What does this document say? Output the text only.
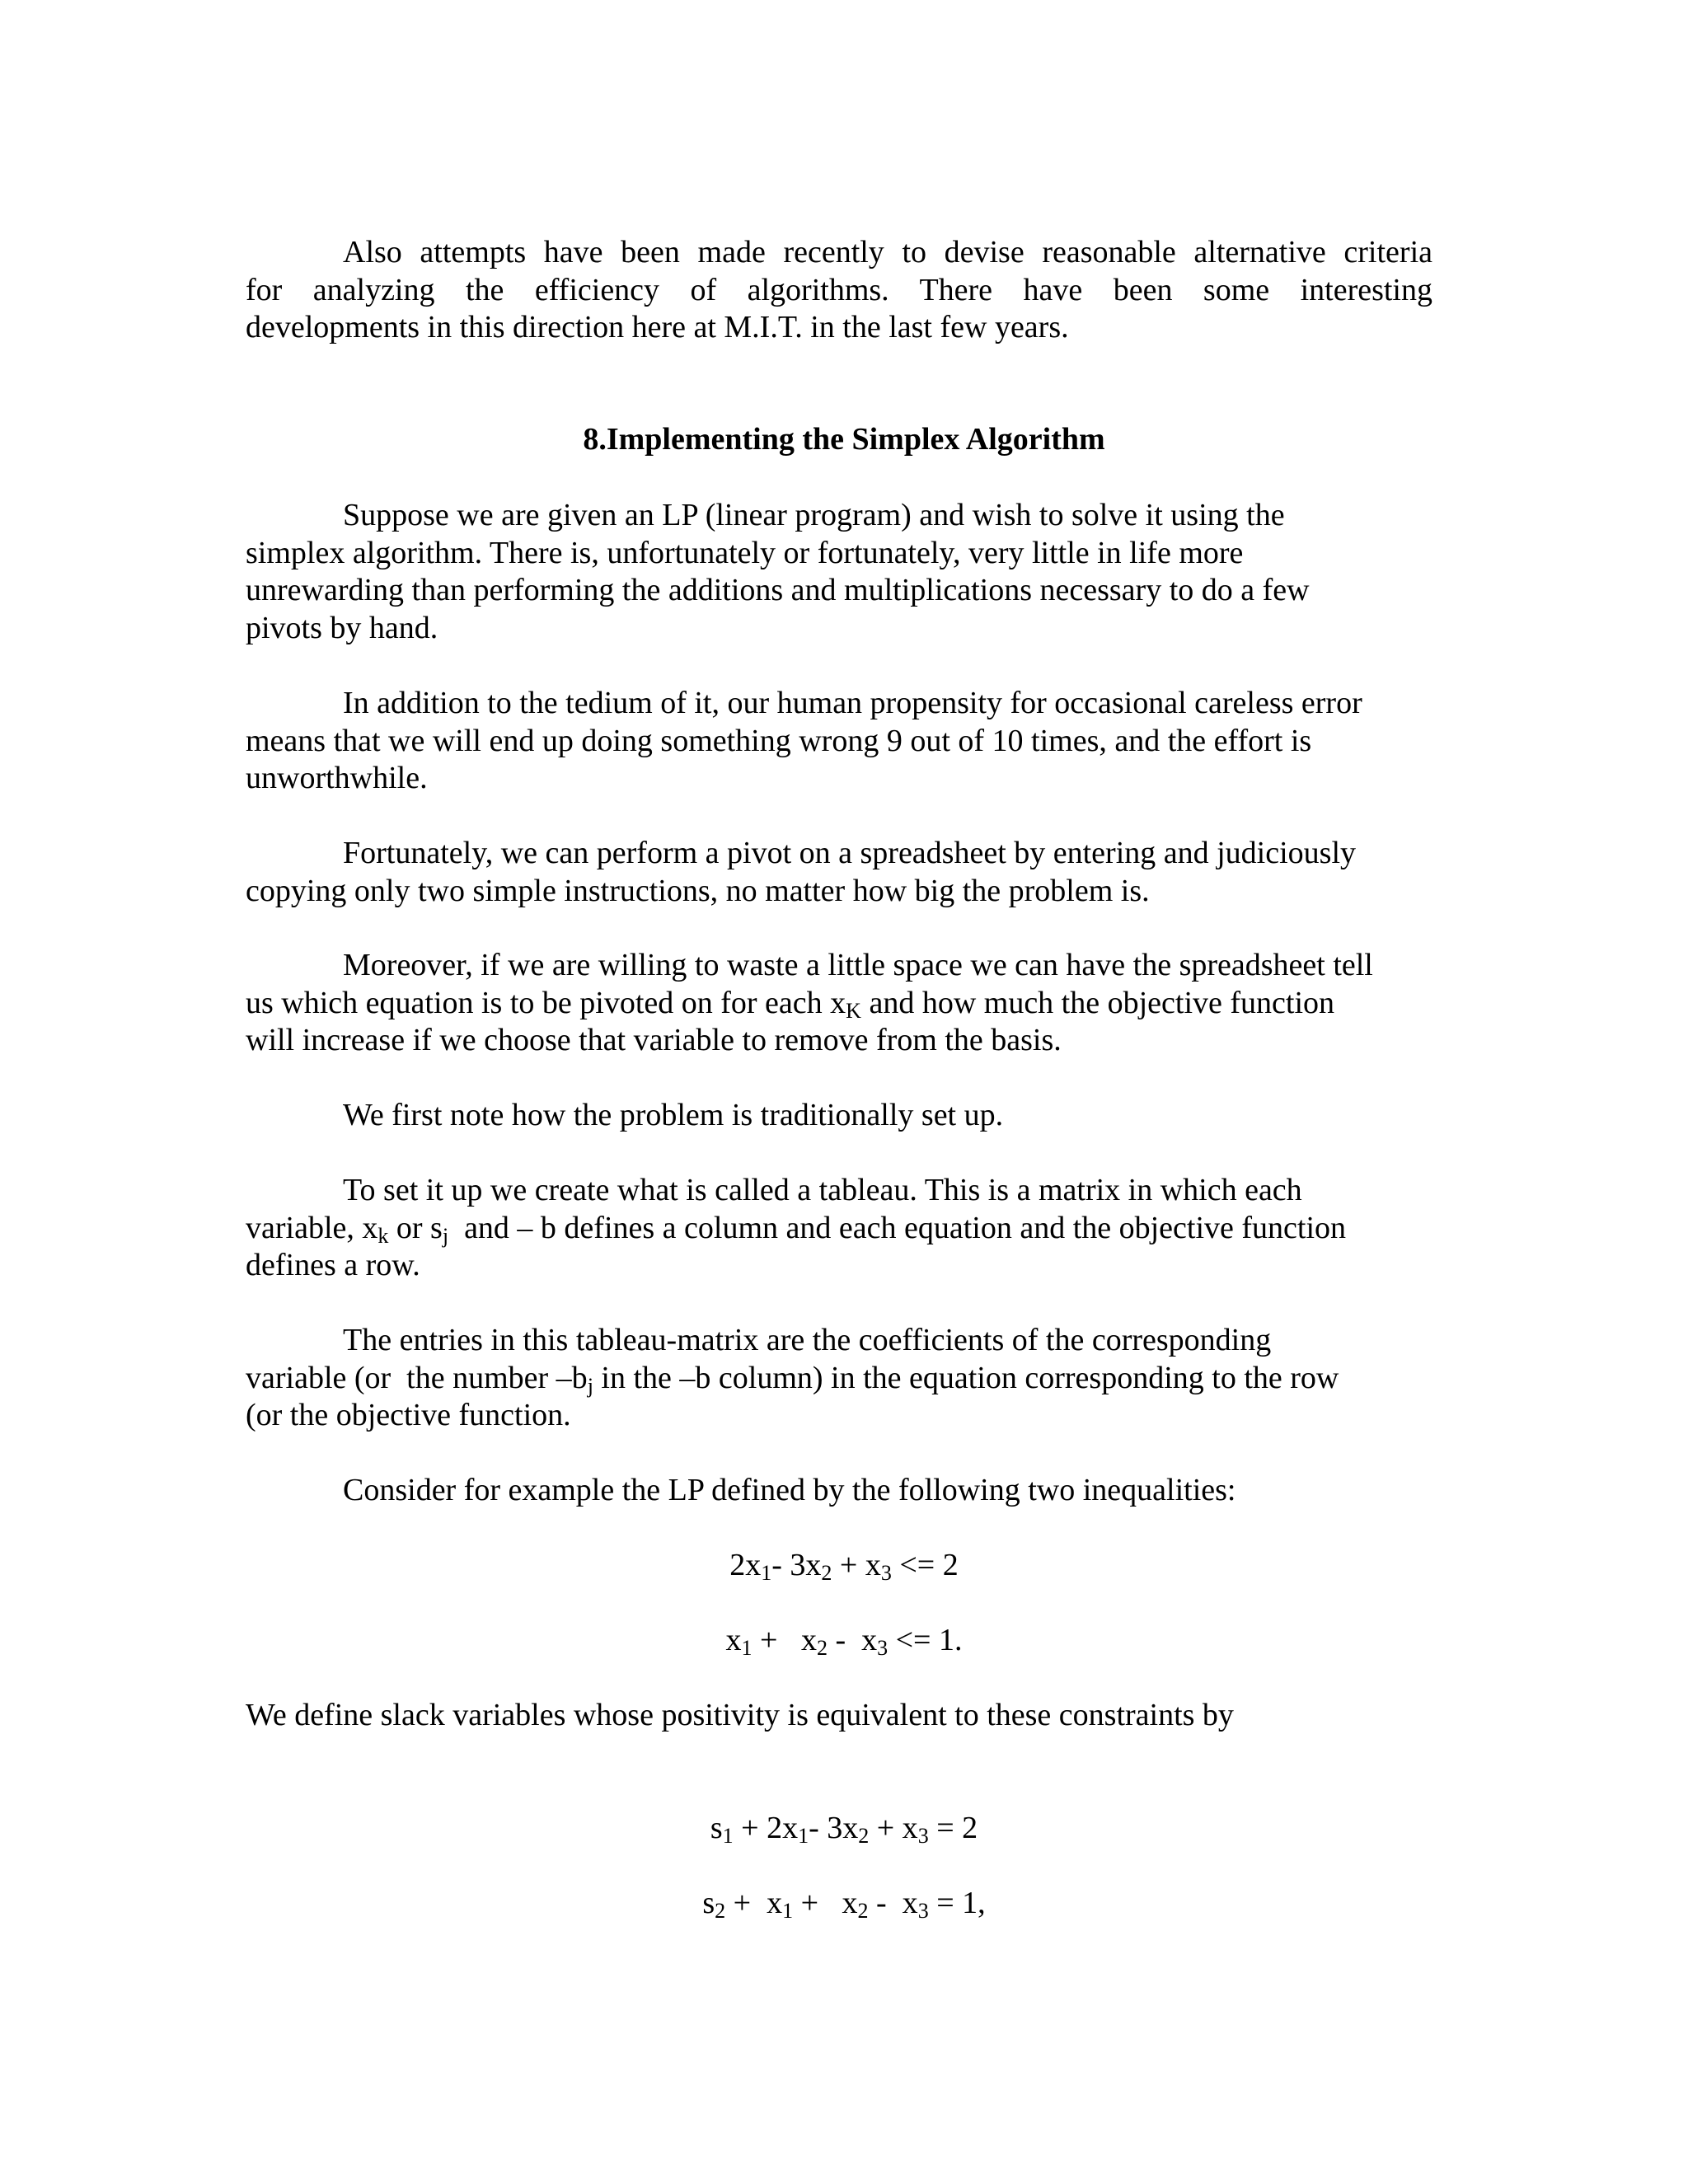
Also attempts have been made recently to devise reasonable alternative criteria
for analyzing the efficiency of algorithms. There have been some interesting
developments in this direction here at M.I.T. in the last few years.
8.Implementing the Simplex Algorithm
Suppose we are given an LP (linear program) and wish to solve it using the
simplex algorithm. There is, unfortunately or fortunately, very little in life more
unrewarding than performing the additions and multiplications necessary to do a few
pivots by hand.
In addition to the tedium of it, our human propensity for occasional careless error
means that we will end up doing something wrong 9 out of 10 times, and the effort is
unworthwhile.
Fortunately, we can perform a pivot on a spreadsheet by entering and judiciously
copying only two simple instructions, no matter how big the problem is.
Moreover, if we are willing to waste a little space we can have the spreadsheet tell
us which equation is to be pivoted on for each $x_K$ and how much the objective function
will increase if we choose that variable to remove from the basis.
We first note how the problem is traditionally set up.
To set it up we create what is called a tableau. This is a matrix in which each
variable, $x_k$ or $s_j$  and – b defines a column and each equation and the objective function
defines a row.
The entries in this tableau-matrix are the coefficients of the corresponding
variable (or  the number $-b_j$ in the –b column) in the equation corresponding to the row
(or the objective function.
Consider for example the LP defined by the following two inequalities:
$2x_1-$ $3x_2 + x_3 <= 2$
$x_1 + x_2 - x_3 <= 1$.
We define slack variables whose positivity is equivalent to these constraints by
$s_1 + 2x_1-$ $3x_2 + x_3 = 2$
$s_2 + x_1 + x_2 - x_3 = 1$,
